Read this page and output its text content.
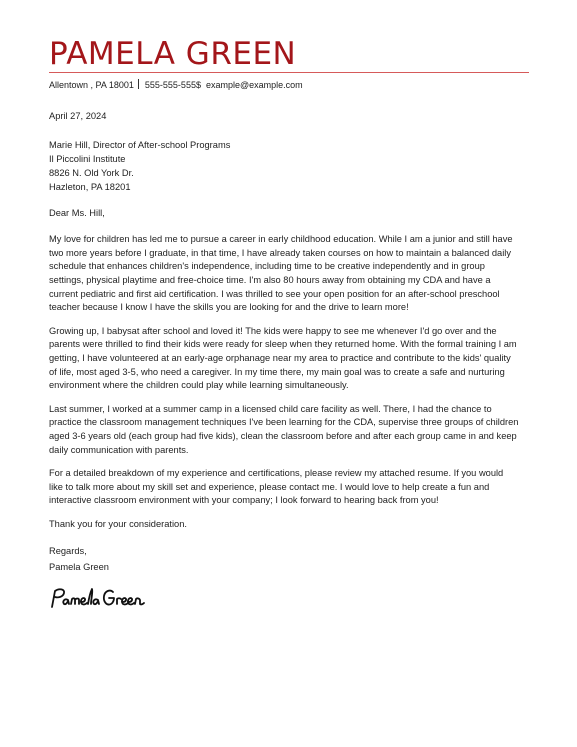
PAMELA GREEN
Allentown , PA 18001 555-555-555$ example@example.com

April 27, 2024

Marie Hill, Director of After-school Programs
Il Piccolini Institute
8826 N. Old York Dr.
Hazleton, PA 18201

Dear Ms. Hill,

My love for children has led me to pursue a career in early childhood education. While I am a junior and still have two more years before I graduate, in that time, I have already taken courses on how to maintain a balanced daily schedule that enhances children's independence, including time to be creative independently and in group settings, physical playtime and free-choice time. I'm also 80 hours away from obtaining my CDA and have a current pediatric and first aid certification. I was thrilled to see your open position for an after-school preschool teacher because I know I have the skills you are looking for and the drive to learn more!

Growing up, I babysat after school and loved it! The kids were happy to see me whenever I'd go over and the parents were thrilled to find their kids were ready for sleep when they returned home. With the formal training I am getting, I have volunteered at an early-age orphanage near my area to practice and contribute to the kids' quality of life, most aged 3-5, who need a caregiver. In my time there, my main goal was to create a safe and nurturing environment where the children could play while learning simultaneously.

Last summer, I worked at a summer camp in a licensed child care facility as well. There, I had the chance to practice the classroom management techniques I've been learning for the CDA, supervise three groups of children aged 3-6 years old (each group had five kids), clean the classroom before and after each group came in and keep daily communication with parents.

For a detailed breakdown of my experience and certifications, please review my attached resume. If you would like to talk more about my skill set and experience, please contact me. I would love to help create a fun and interactive classroom environment with your company; I look forward to hearing back from you!

Thank you for your consideration.

Regards,
Pamela Green
